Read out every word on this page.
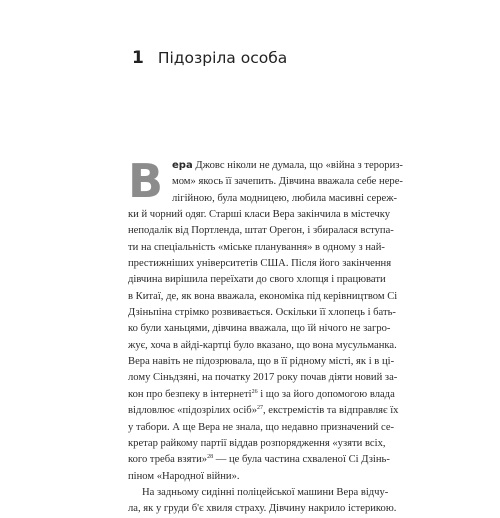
1 Підозріла особа
В ера Джовс ніколи не думала, що «війна з терориз-
мом» якось її зачепить. Дівчина вважала себе нере-
лігійною, була модницею, любила масивні сереж-
ки й чорний одяг. Старші класи Вера закінчила в містечку
неподалік від Портленда, штат Орегон, і збиралася вступа-
ти на спеціальність «міське планування» в одному з най-
престижніших університетів США. Після його закінчення
дівчина вирішила переїхати до свого хлопця і працювати
в Китаї, де, як вона вважала, економіка під керівництвом Сі
Дзіньпіна стрімко розвивається. Оскільки її хлопець і бать-
ко були ханьцями, дівчина вважала, що їй нічого не загро-
жує, хоча в айді-картці було вказано, що вона мусульманка.
Вера навіть не підозрювала, що в її рідному місті, як і в ці-
лому Сіньдзяні, на початку 2017 року почав діяти новий за-
кон про безпеку в інтернеті$^{26}$ і що за його допомогою влада
відловлює «підозрілих осіб»$^{27}$, екстремістів та відправляє їх
у табори. А ще Вера не знала, що недавно призначений се-
кретар райкому партії віддав розпорядження «узяти всіх,
кого треба взяти»$^{28}$ — це була частина схваленої Сі Дзінь-
піном «Народної війни».
На задньому сидінні поліцейської машини Вера відчу-
ла, як у груди б'є хвиля страху. Дівчину накрило істерикою.
